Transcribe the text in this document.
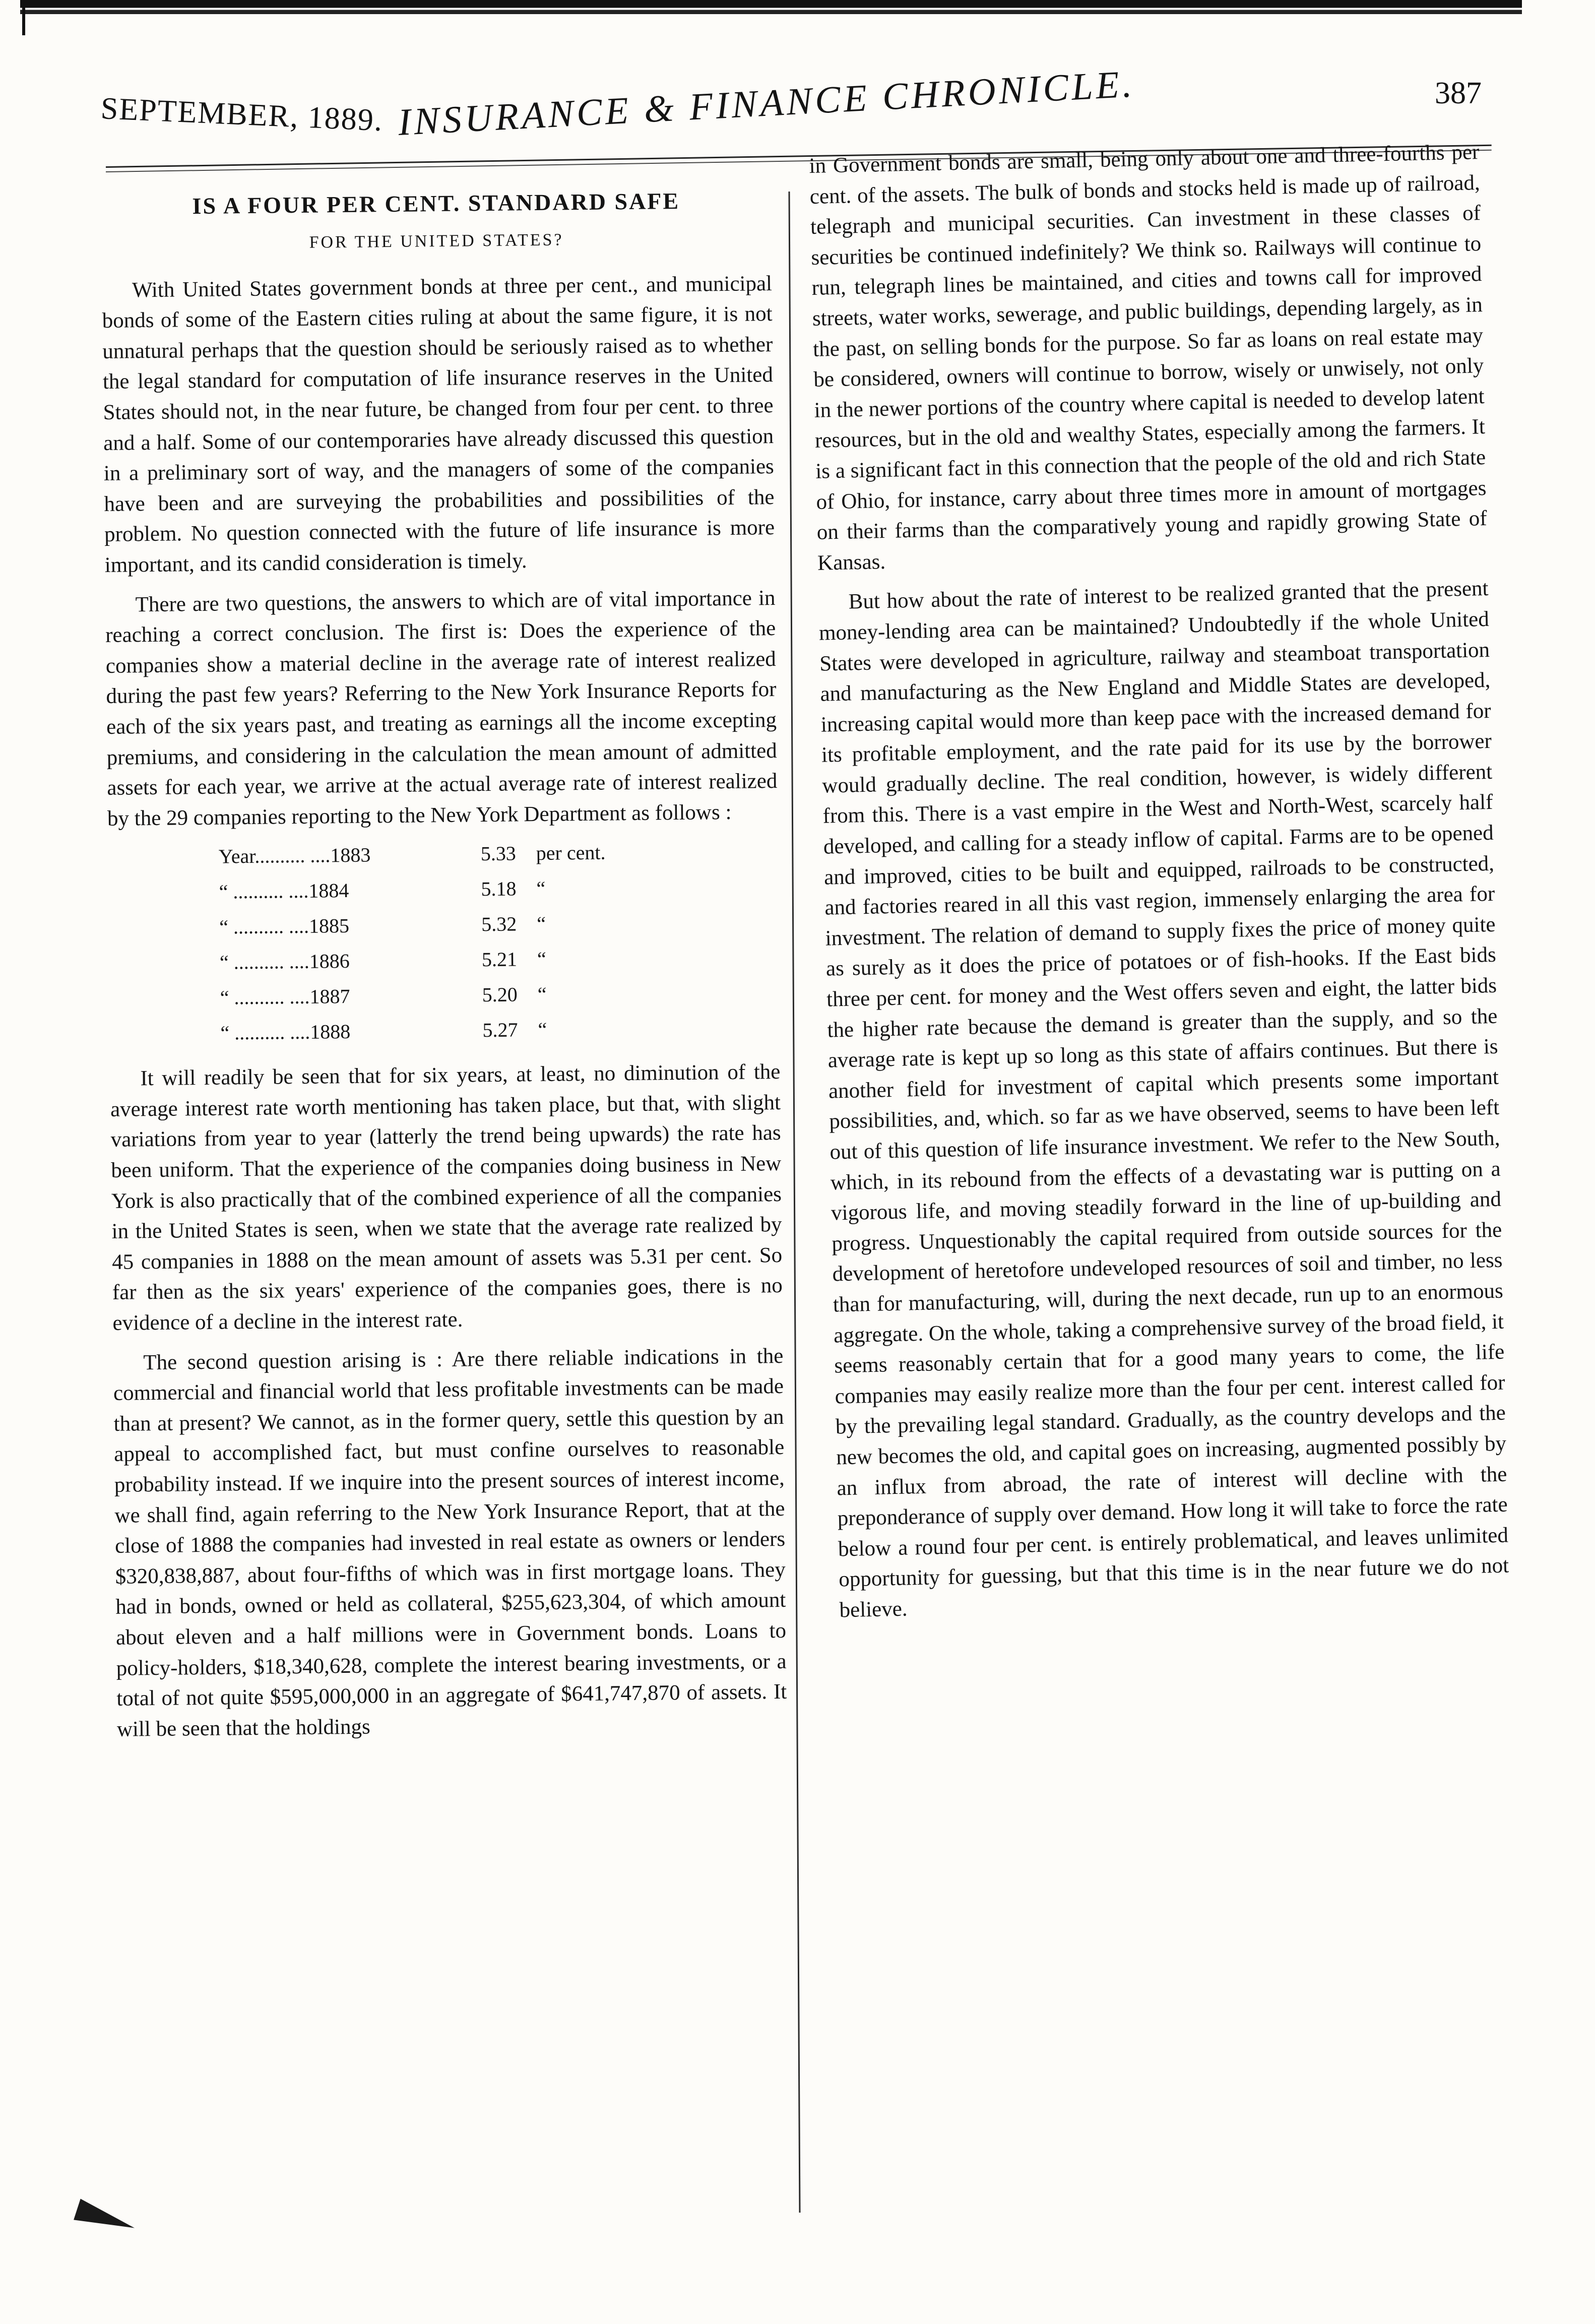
SEPTEMBER, 1889. INSURANCE & FINANCE CHRONICLE.	387
IS A FOUR PER CENT. STANDARD SAFE
FOR THE UNITED STATES?

With United States government bonds at three per cent., and municipal bonds of some of the Eastern cities ruling at about the same figure, it is not unnatural perhaps that the question should be seriously raised as to whether the legal standard for computation of life insurance reserves in the United States should not, in the near future, be changed from four per cent. to three and a half. Some of our contemporaries have already discussed this question in a preliminary sort of way, and the managers of some of the companies have been and are surveying the probabilities and possibilities of the problem. No question connected with the future of life insurance is more important, and its candid consideration is timely.

There are two questions, the answers to which are of vital importance in reaching a correct conclusion. The first is: Does the experience of the companies show a material decline in the average rate of interest realized during the past few years? Referring to the New York Insurance Reports for each of the six years past, and treating as earnings all the income excepting premiums, and considering in the calculation the mean amount of admitted assets for each year, we arrive at the actual average rate of interest realized by the 29 companies reporting to the New York Department as follows :

Year.......... ....1883	5.33 per cent.
“ .......... ....1884	5.18 “
“ .......... ....1885	5.32 “
“ .......... ....1886	5.21 “
“ .......... ....1887	5.20 “
“ .......... ....1888	5.27 “

It will readily be seen that for six years, at least, no diminution of the average interest rate worth mentioning has taken place, but that, with slight variations from year to year (latterly the trend being upwards) the rate has been uniform. That the experience of the companies doing business in New York is also practically that of the combined experience of all the companies in the United States is seen, when we state that the average rate realized by 45 companies in 1888 on the mean amount of assets was 5.31 per cent. So far then as the six years' experience of the companies goes, there is no evidence of a decline in the interest rate.

The second question arising is : Are there reliable indications in the commercial and financial world that less profitable investments can be made than at present? We cannot, as in the former query, settle this question by an appeal to accomplished fact, but must confine ourselves to reasonable probability instead. If we inquire into the present sources of interest income, we shall find, again referring to the New York Insurance Report, that at the close of 1888 the companies had invested in real estate as owners or lenders $320,838,887, about four-fifths of which was in first mortgage loans. They had in bonds, owned or held as collateral, $255,623,304, of which amount about eleven and a half millions were in Government bonds. Loans to policy-holders, $18,340,628, complete the interest bearing investments, or a total of not quite $595,000,000 in an aggregate of $641,747,870 of assets. It will be seen that the holdings

in Government bonds are small, being only about one and three-fourths per cent. of the assets. The bulk of bonds and stocks held is made up of railroad, telegraph and municipal securities. Can investment in these classes of securities be continued indefinitely? We think so. Railways will continue to run, telegraph lines be maintained, and cities and towns call for improved streets, water works, sewerage, and public buildings, depending largely, as in the past, on selling bonds for the purpose. So far as loans on real estate may be considered, owners will continue to borrow, wisely or unwisely, not only in the newer portions of the country where capital is needed to develop latent resources, but in the old and wealthy States, especially among the farmers. It is a significant fact in this connection that the people of the old and rich State of Ohio, for instance, carry about three times more in amount of mortgages on their farms than the comparatively young and rapidly growing State of Kansas.

But how about the rate of interest to be realized granted that the present money-lending area can be maintained? Undoubtedly if the whole United States were developed in agriculture, railway and steamboat transportation and manufacturing as the New England and Middle States are developed, increasing capital would more than keep pace with the increased demand for its profitable employment, and the rate paid for its use by the borrower would gradually decline. The real condition, however, is widely different from this. There is a vast empire in the West and North-West, scarcely half developed, and calling for a steady inflow of capital. Farms are to be opened and improved, cities to be built and equipped, railroads to be constructed, and factories reared in all this vast region, immensely enlarging the area for investment. The relation of demand to supply fixes the price of money quite as surely as it does the price of potatoes or of fish-hooks. If the East bids three per cent. for money and the West offers seven and eight, the latter bids the higher rate because the demand is greater than the supply, and so the average rate is kept up so long as this state of affairs continues. But there is another field for investment of capital which presents some important possibilities, and, which. so far as we have observed, seems to have been left out of this question of life insurance investment. We refer to the New South, which, in its rebound from the effects of a devastating war is putting on a vigorous life, and moving steadily forward in the line of up-building and progress. Unquestionably the capital required from outside sources for the development of heretofore undeveloped resources of soil and timber, no less than for manufacturing, will, during the next decade, run up to an enormous aggregate. On the whole, taking a comprehensive survey of the broad field, it seems reasonably certain that for a good many years to come, the life companies may easily realize more than the four per cent. interest called for by the prevailing legal standard. Gradually, as the country develops and the new becomes the old, and capital goes on increasing, augmented possibly by an influx from abroad, the rate of interest will decline with the preponderance of supply over demand. How long it will take to force the rate below a round four per cent. is entirely problematical, and leaves unlimited opportunity for guessing, but that this time is in the near future we do not believe.
